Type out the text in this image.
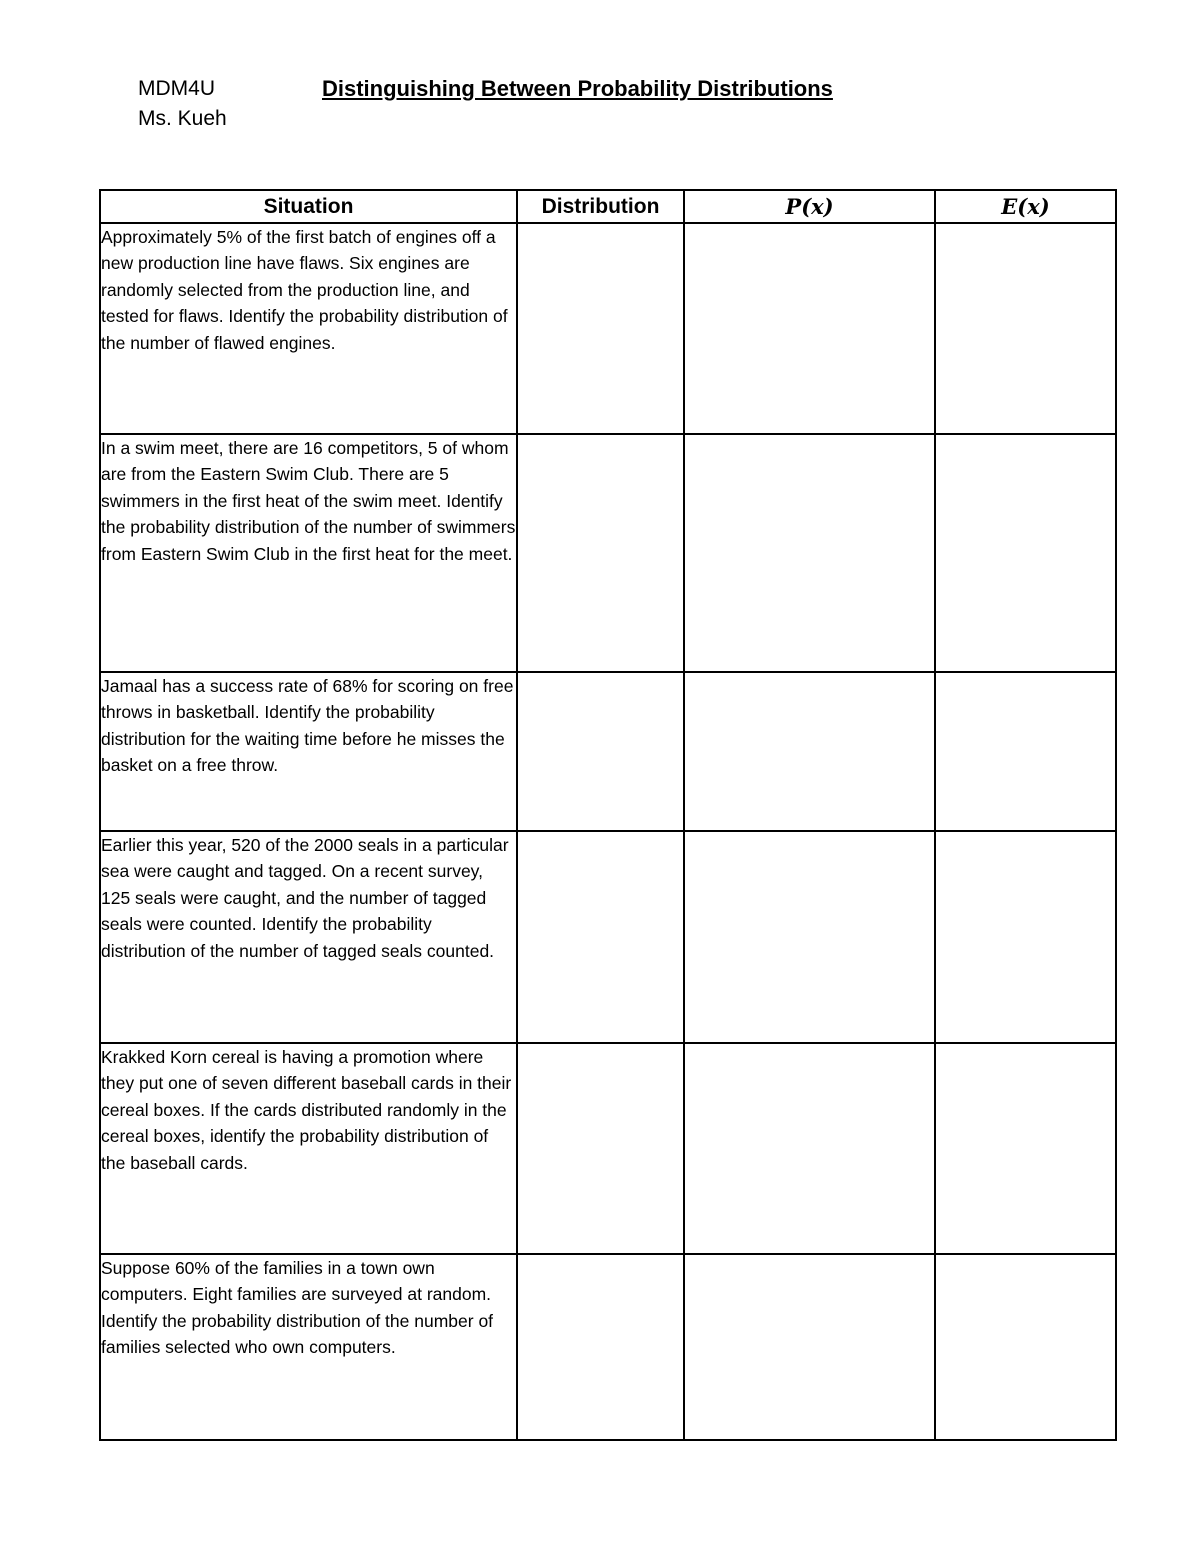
MDM4U
Ms. Kueh
Distinguishing Between Probability Distributions
Situation	Distribution	P(x)	E(x)
Approximately 5% of the first batch of engines off a new production line have flaws. Six engines are randomly selected from the production line, and tested for flaws. Identify the probability distribution of the number of flawed engines.			
In a swim meet, there are 16 competitors, 5 of whom are from the Eastern Swim Club. There are 5 swimmers in the first heat of the swim meet. Identify the probability distribution of the number of swimmers from Eastern Swim Club in the first heat for the meet.			
Jamaal has a success rate of 68% for scoring on free throws in basketball. Identify the probability distribution for the waiting time before he misses the basket on a free throw.			
Earlier this year, 520 of the 2000 seals in a particular sea were caught and tagged. On a recent survey, 125 seals were caught, and the number of tagged seals were counted. Identify the probability distribution of the number of tagged seals counted.			
Krakked Korn cereal is having a promotion where they put one of seven different baseball cards in their cereal boxes. If the cards distributed randomly in the cereal boxes, identify the probability distribution of the baseball cards.			
Suppose 60% of the families in a town own computers. Eight families are surveyed at random. Identify the probability distribution of the number of families selected who own computers.			
